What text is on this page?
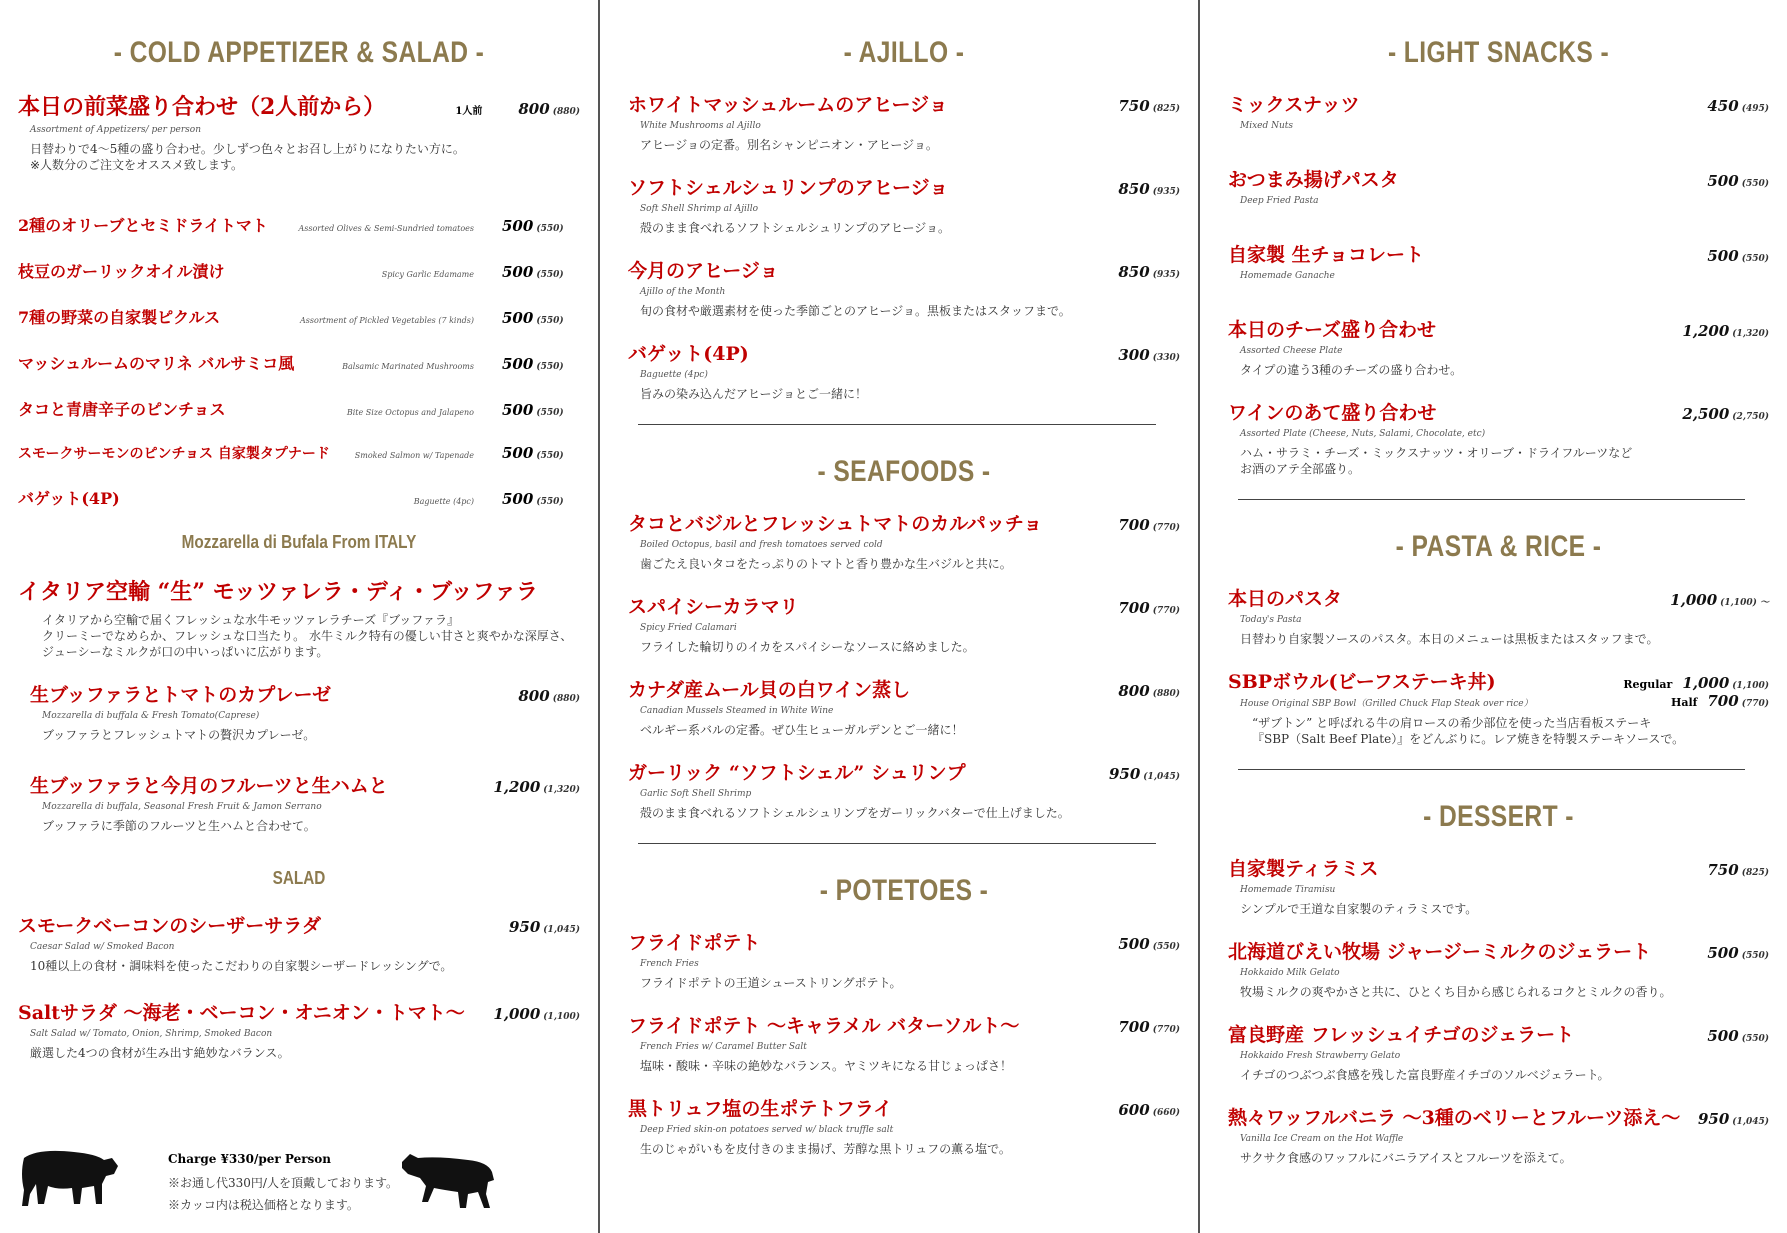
- COLD APPETIZER & SALAD -
本日の前菜盛り合わせ（2人前から）	1人前 800 (880)
Assortment of Appetizers/ per person
日替わりで4～5種の盛り合わせ。少しずつ色々とお召し上がりになりたい方に。
※人数分のご注文をオススメ致します。
2種のオリーブとセミドライトマト	Assorted Olives & Semi-Sundried tomatoes	500 (550)
枝豆のガーリックオイル漬け	Spicy Garlic Edamame	500 (550)
7種の野菜の自家製ピクルス	Assortment of Pickled Vegetables (7 kinds)	500 (550)
マッシュルームのマリネ バルサミコ風	Balsamic Marinated Mushrooms	500 (550)
タコと青唐辛子のピンチョス	Bite Size Octopus and Jalapeno	500 (550)
スモークサーモンのピンチョス 自家製タプナード	Smoked Salmon w/ Tapenade	500 (550)
バゲット(4P)	Baguette (4pc)	500 (550)
Mozzarella di Bufala From ITALY
イタリア空輸 “生” モッツァレラ・ディ・ブッファラ
イタリアから空輸で届くフレッシュな水牛モッツァレラチーズ『ブッファラ』
クリーミーでなめらか、フレッシュな口当たり。 水牛ミルク特有の優しい甘さと爽やかな深厚さ、ジューシーなミルクが口の中いっぱいに広がります。
生ブッファラとトマトのカプレーゼ	800 (880)
Mozzarella di buffala & Fresh Tomato(Caprese)
ブッファラとフレッシュトマトの贅沢カプレーゼ。
生ブッファラと今月のフルーツと生ハムと	1,200 (1,320)
Mozzarella di buffala, Seasonal Fresh Fruit & Jamon Serrano
ブッファラに季節のフルーツと生ハムと合わせて。
SALAD
スモークベーコンのシーザーサラダ	950 (1,045)
Caesar Salad w/ Smoked Bacon
10種以上の食材・調味料を使ったこだわりの自家製シーザードレッシングで。
Saltサラダ ～海老・ベーコン・オニオン・トマト～ 1,000 (1,100)
Salt Salad w/ Tomato, Onion, Shrimp, Smoked Bacon
厳選した4つの食材が生み出す絶妙なバランス。
Charge ¥330/per Person
※お通し代330円/人を頂戴しております。
※カッコ内は税込価格となります。
- AJILLO -
ホワイトマッシュルームのアヒージョ	750 (825)
White Mushrooms al Ajillo
アヒージョの定番。別名シャンピニオン・アヒージョ。
ソフトシェルシュリンプのアヒージョ	850 (935)
Soft Shell Shrimp al Ajillo
殻のまま食べれるソフトシェルシュリンプのアヒージョ。
今月のアヒージョ	850 (935)
Ajillo of the Month
旬の食材や厳選素材を使った季節ごとのアヒージョ。黒板またはスタッフまで。
バゲット(4P)	300 (330)
Baguette (4pc)
旨みの染み込んだアヒージョとご一緒に！
- SEAFOODS -
タコとバジルとフレッシュトマトのカルパッチョ	700 (770)
Boiled Octopus, basil and fresh tomatoes served cold
歯ごたえ良いタコをたっぷりのトマトと香り豊かな生バジルと共に。
スパイシーカラマリ	700 (770)
Spicy Fried Calamari
フライした輪切りのイカをスパイシーなソースに絡めました。
カナダ産ムール貝の白ワイン蒸し	800 (880)
Canadian Mussels Steamed in White Wine
ベルギー系バルの定番。ぜひ生ヒューガルデンとご一緒に！
ガーリック “ソフトシェル” シュリンプ	950 (1,045)
Garlic Soft Shell Shrimp
殻のまま食べれるソフトシェルシュリンプをガーリックバターで仕上げました。
- POTETOES -
フライドポテト	500 (550)
French Fries
フライドポテトの王道シューストリングポテト。
フライドポテト ～キャラメル バターソルト～	700 (770)
French Fries w/ Caramel Butter Salt
塩味・酸味・辛味の絶妙なバランス。ヤミツキになる甘じょっぱさ！
黒トリュフ塩の生ポテトフライ	600 (660)
Deep Fried skin-on potatoes served w/ black truffle salt
生のじゃがいもを皮付きのまま揚げ、芳醇な黒トリュフの薫る塩で。
- LIGHT SNACKS -
ミックスナッツ	450 (495)
Mixed Nuts
おつまみ揚げパスタ	500 (550)
Deep Fried Pasta
自家製 生チョコレート	500 (550)
Homemade Ganache
本日のチーズ盛り合わせ	1,200 (1,320)
Assorted Cheese Plate
タイプの違う3種のチーズの盛り合わせ。
ワインのあて盛り合わせ	2,500 (2,750)
Assorted Plate (Cheese, Nuts, Salami, Chocolate, etc)
ハム・サラミ・チーズ・ミックスナッツ・オリーブ・ドライフルーツなど
お酒のアテ全部盛り。
- PASTA & RICE -
本日のパスタ	1,000 (1,100) ～
Today's Pasta
日替わり自家製ソースのパスタ。本日のメニューは黒板またはスタッフまで。
SBPボウル(ビーフステーキ丼)	Regular 1,000 (1,100)
Half 700 (770)
House Original SBP Bowl（Grilled Chuck Flap Steak over rice）
“ザブトン” と呼ばれる牛の肩ロースの希少部位を使った当店看板ステーキ
『SBP（Salt Beef Plate）』をどんぶりに。レア焼きを特製ステーキソースで。
- DESSERT -
自家製ティラミス	750 (825)
Homemade Tiramisu
シンプルで王道な自家製のティラミスです。
北海道びえい牧場 ジャージーミルクのジェラート	500 (550)
Hokkaido Milk Gelato
牧場ミルクの爽やかさと共に、ひとくち目から感じられるコクとミルクの香り。
富良野産 フレッシュイチゴのジェラート	500 (550)
Hokkaido Fresh Strawberry Gelato
イチゴのつぶつぶ食感を残した富良野産イチゴのソルベジェラート。
熱々ワッフルバニラ ～3種のベリーとフルーツ添え～ 950 (1,045)
Vanilla Ice Cream on the Hot Waffle
サクサク食感のワッフルにバニラアイスとフルーツを添えて。
